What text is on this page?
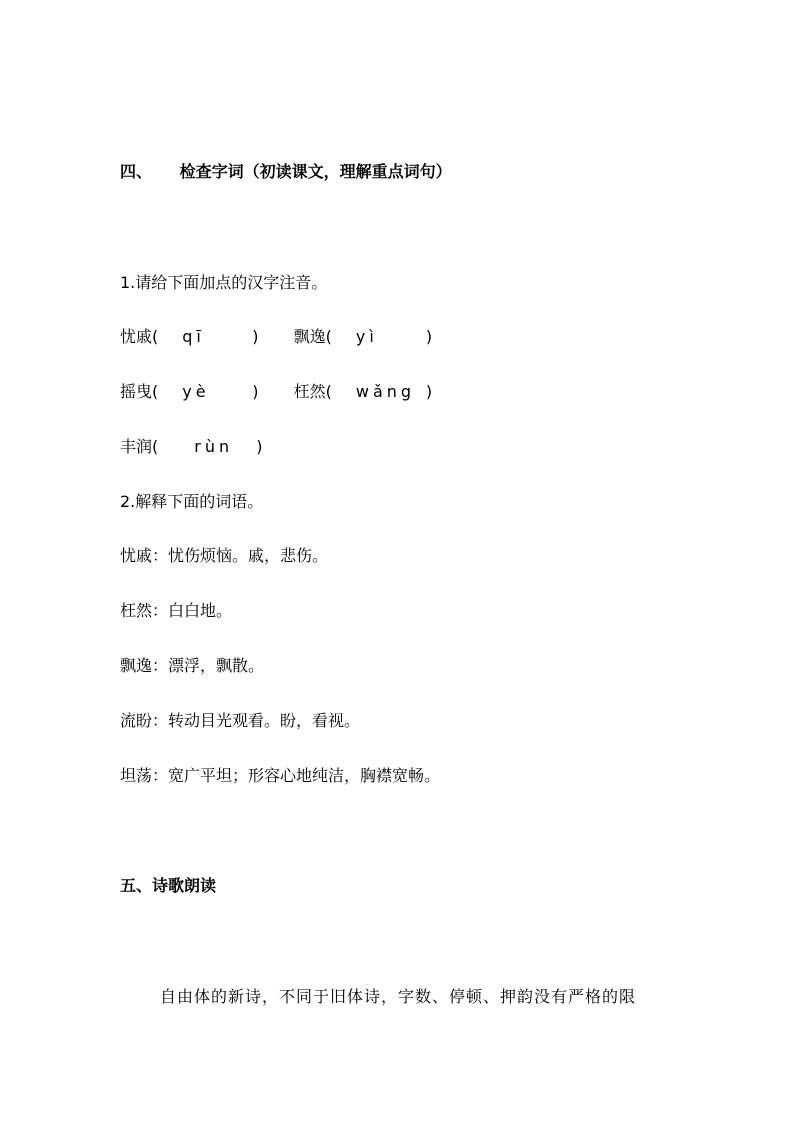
四、 检查字词（初读课文，理解重点词句）
1.请给下面加点的汉字注音。
忧戚( qī	) 飘逸( yì	)
摇曳( yè	) 枉然( wǎng )
丰润( rùn )
2.解释下面的词语。
忧戚：忧伤烦恼。戚，悲伤。
枉然：白白地。
飘逸：漂浮，飘散。
流盼：转动目光观看。盼，看视。
坦荡：宽广平坦；形容心地纯洁，胸襟宽畅。
五、诗歌朗读
自由体的新诗，不同于旧体诗，字数、停顿、押韵没有严格的限
